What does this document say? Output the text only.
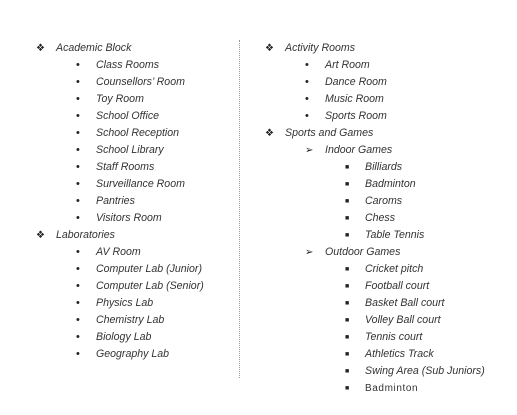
❖ Academic Block
• Class Rooms
• Counsellors’ Room
• Toy Room
• School Office
• School Reception
• School Library
• Staff Rooms
• Surveillance Room
• Pantries
• Visitors Room
❖ Laboratories
• AV Room
• Computer Lab (Junior)
• Computer Lab (Senior)
• Physics Lab
• Chemistry Lab
• Biology Lab
• Geography Lab
❖ Activity Rooms
• Art Room
• Dance Room
• Music Room
• Sports Room
❖ Sports and Games
➢ Indoor Games
■ Billiards
■ Badminton
■ Caroms
■ Chess
■ Table Tennis
➢ Outdoor Games
■ Cricket pitch
■ Football court
■ Basket Ball court
■ Volley Ball court
■ Tennis court
■ Athletics Track
■ Swing Area (Sub Juniors)
■ Badminton
